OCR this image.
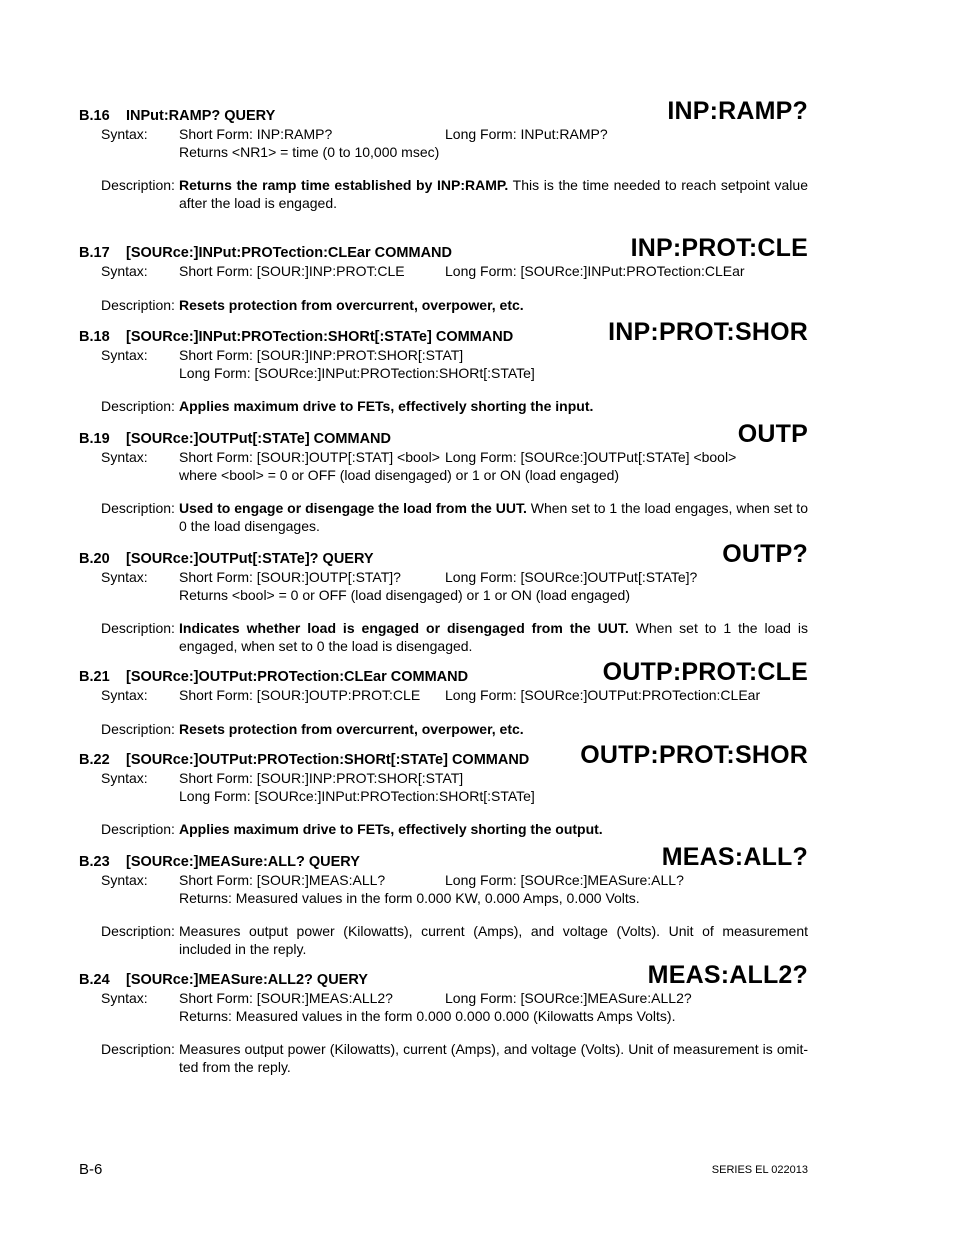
B.16 INPut:RAMP? QUERY	INP:RAMP?
Syntax: Short Form: INP:RAMP?	Long Form: INPut:RAMP?
Returns <NR1> = time (0 to 10,000 msec)
Description: Returns the ramp time established by INP:RAMP. This is the time needed to reach setpoint value after the load is engaged.
B.17 [SOURce:]INPut:PROTection:CLEar COMMAND	INP:PROT:CLE
Syntax: Short Form: [SOUR:]INP:PROT:CLE	Long Form: [SOURce:]INPut:PROTection:CLEar
Description: Resets protection from overcurrent, overpower, etc.
B.18 [SOURce:]INPut:PROTection:SHORt[:STATe] COMMAND	INP:PROT:SHOR
Syntax: Short Form: [SOUR:]INP:PROT:SHOR[:STAT]
Long Form: [SOURce:]INPut:PROTection:SHORt[:STATe]
Description: Applies maximum drive to FETs, effectively shorting the input.
B.19 [SOURce:]OUTPut[:STATe] COMMAND	OUTP
Syntax: Short Form: [SOUR:]OUTP[:STAT] <bool> Long Form: [SOURce:]OUTPut[:STATe] <bool>
where <bool> = 0 or OFF (load disengaged) or 1 or ON (load engaged)
Description: Used to engage or disengage the load from the UUT. When set to 1 the load engages, when set to 0 the load disengages.
B.20 [SOURce:]OUTPut[:STATe]? QUERY	OUTP?
Syntax: Short Form: [SOUR:]OUTP[:STAT]?	Long Form: [SOURce:]OUTPut[:STATe]?
Returns <bool> = 0 or OFF (load disengaged) or 1 or ON (load engaged)
Description: Indicates whether load is engaged or disengaged from the UUT. When set to 1 the load is engaged, when set to 0 the load is disengaged.
B.21 [SOURce:]OUTPut:PROTection:CLEar COMMAND	OUTP:PROT:CLE
Syntax: Short Form: [SOUR:]OUTP:PROT:CLE Long Form: [SOURce:]OUTPut:PROTection:CLEar
Description: Resets protection from overcurrent, overpower, etc.
B.22 [SOURce:]OUTPut:PROTection:SHORt[:STATe] COMMAND OUTP:PROT:SHOR
Syntax: Short Form: [SOUR:]INP:PROT:SHOR[:STAT]
Long Form: [SOURce:]INPut:PROTection:SHORt[:STATe]
Description: Applies maximum drive to FETs, effectively shorting the output.
B.23 [SOURce:]MEASure:ALL? QUERY	MEAS:ALL?
Syntax: Short Form: [SOUR:]MEAS:ALL?	Long Form: [SOURce:]MEASure:ALL?
Returns: Measured values in the form 0.000 KW, 0.000 Amps, 0.000 Volts.
Description: Measures output power (Kilowatts), current (Amps), and voltage (Volts). Unit of measurement included in the reply.
B.24 [SOURce:]MEASure:ALL2? QUERY	MEAS:ALL2?
Syntax: Short Form: [SOUR:]MEAS:ALL2?	Long Form: [SOURce:]MEASure:ALL2?
Returns: Measured values in the form 0.000 0.000 0.000 (Kilowatts Amps Volts).
Description: Measures output power (Kilowatts), current (Amps), and voltage (Volts). Unit of measurement is omit-ted from the reply.
B-6	SERIES EL 022013
